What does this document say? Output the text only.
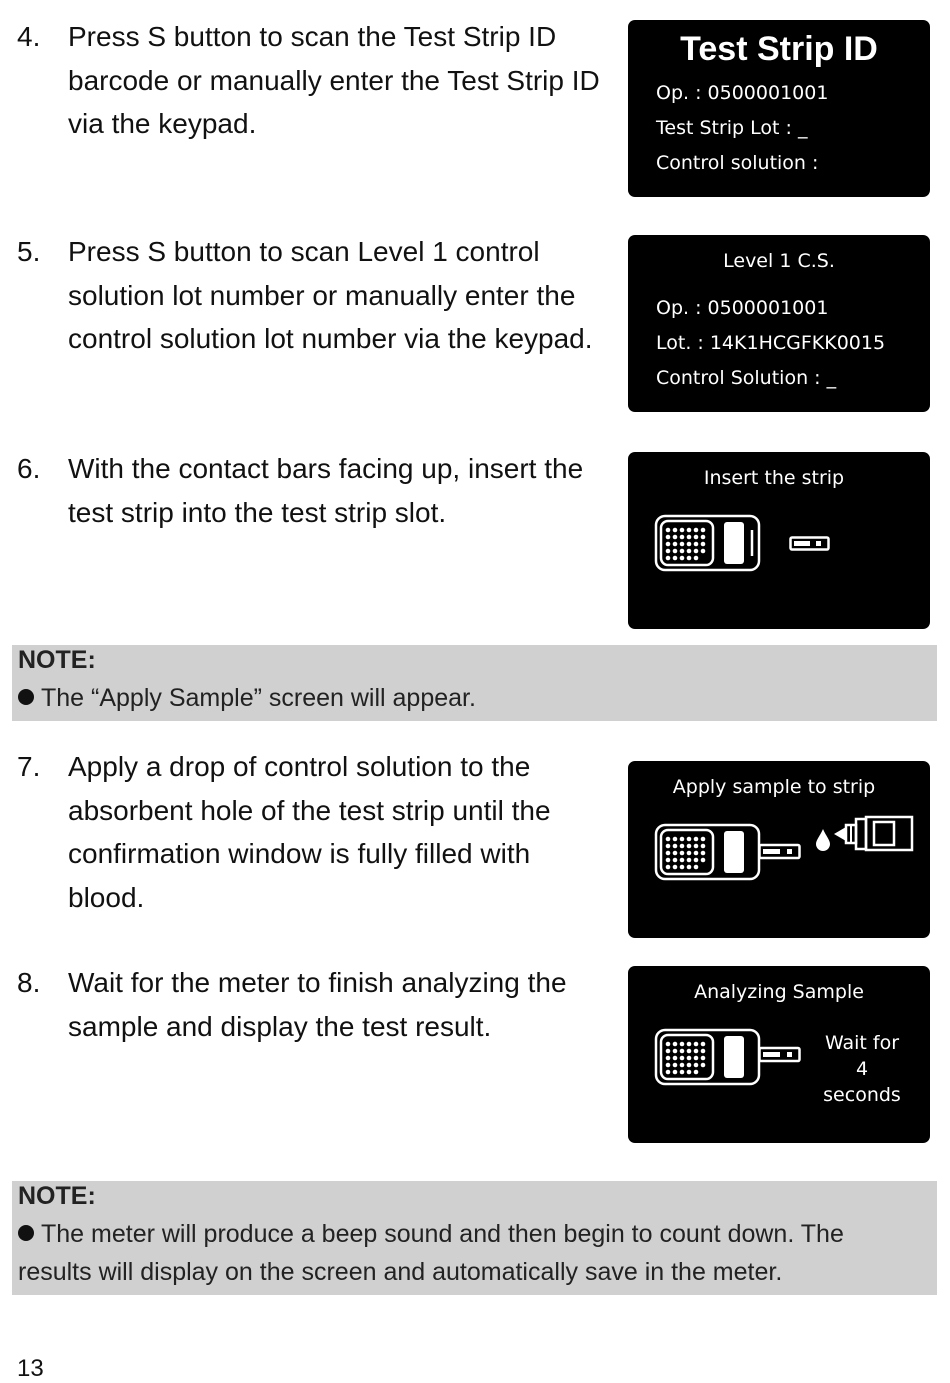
4. Press S button to scan the Test Strip ID barcode or manually enter the Test Strip ID via the keypad.
Test Strip ID
Op. : 0500001001
Test Strip Lot : _
Control solution :
5. Press S button to scan Level 1 control solution lot number or manually enter the control solution lot number via the keypad.
Level 1 C.S.
Op. : 0500001001
Lot. : 14K1HCGFKK0015
Control Solution : _
6. With the contact bars facing up, insert the test strip into the test strip slot.
Insert the strip
NOTE:
The “Apply Sample” screen will appear.
7. Apply a drop of control solution to the absorbent hole of the test strip until the confirmation window is fully filled with blood.
Apply sample to strip
8. Wait for the meter to finish analyzing the sample and display the test result.
Analyzing Sample
Wait for
4
seconds
NOTE:
The meter will produce a beep sound and then begin to count down. The results will display on the screen and automatically save in the meter.
13
